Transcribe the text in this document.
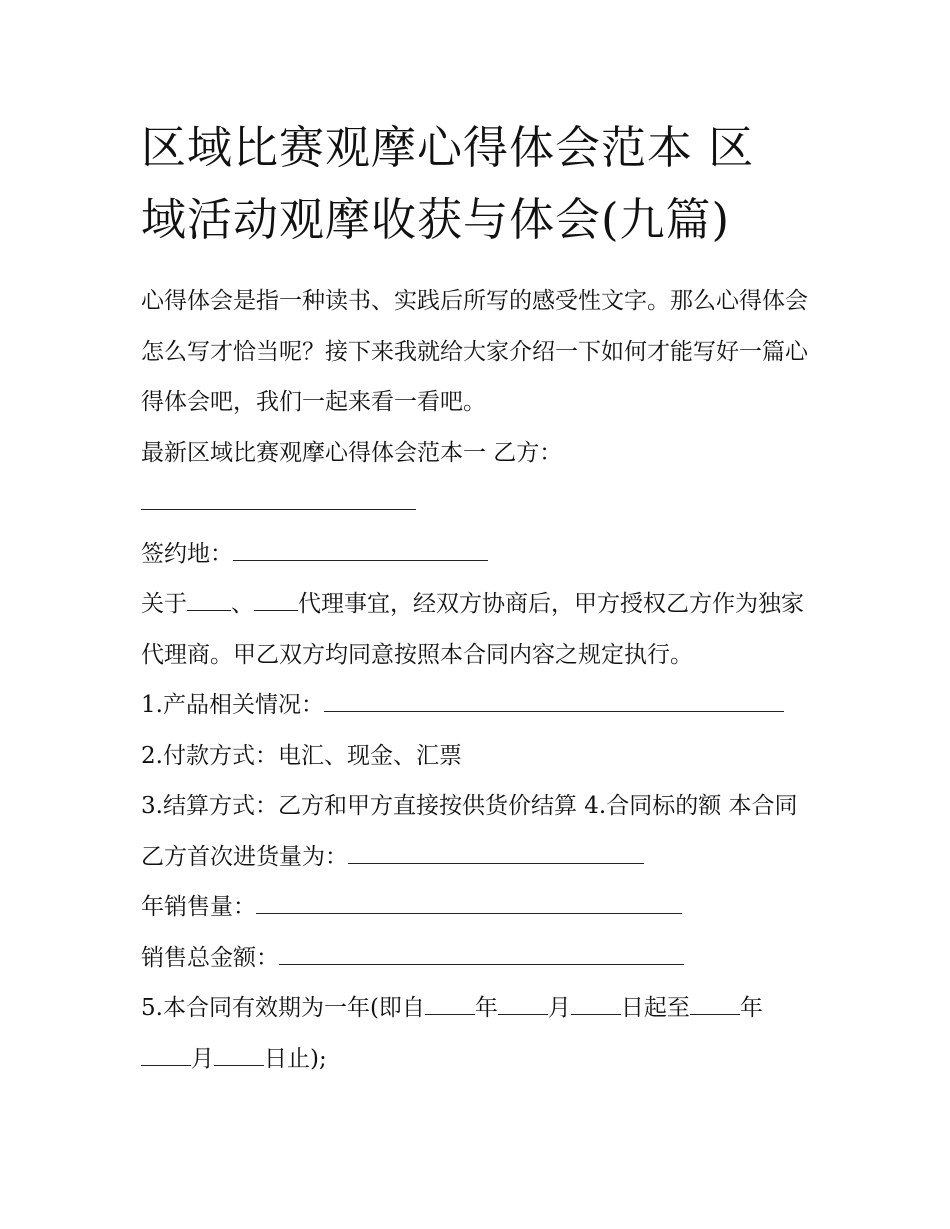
区域比赛观摩心得体会范本 区
域活动观摩收获与体会(九篇)

心得体会是指一种读书、实践后所写的感受性文字。那么心得体会怎么写才恰当呢？接下来我就给大家介绍一下如何才能写好一篇心得体会吧，我们一起来看一看吧。

最新区域比赛观摩心得体会范本一 乙方：

签约地：

关于 、 代理事宜，经双方协商后，甲方授权乙方作为独家代理商。甲乙双方均同意按照本合同内容之规定执行。

1.产品相关情况：

2.付款方式：电汇、现金、汇票

3.结算方式：乙方和甲方直接按供货价结算 4.合同标的额 本合同乙方首次进货量为：

年销售量：

销售总金额：

5.本合同有效期为一年(即自 年 月 日起至 年
月 日止);
